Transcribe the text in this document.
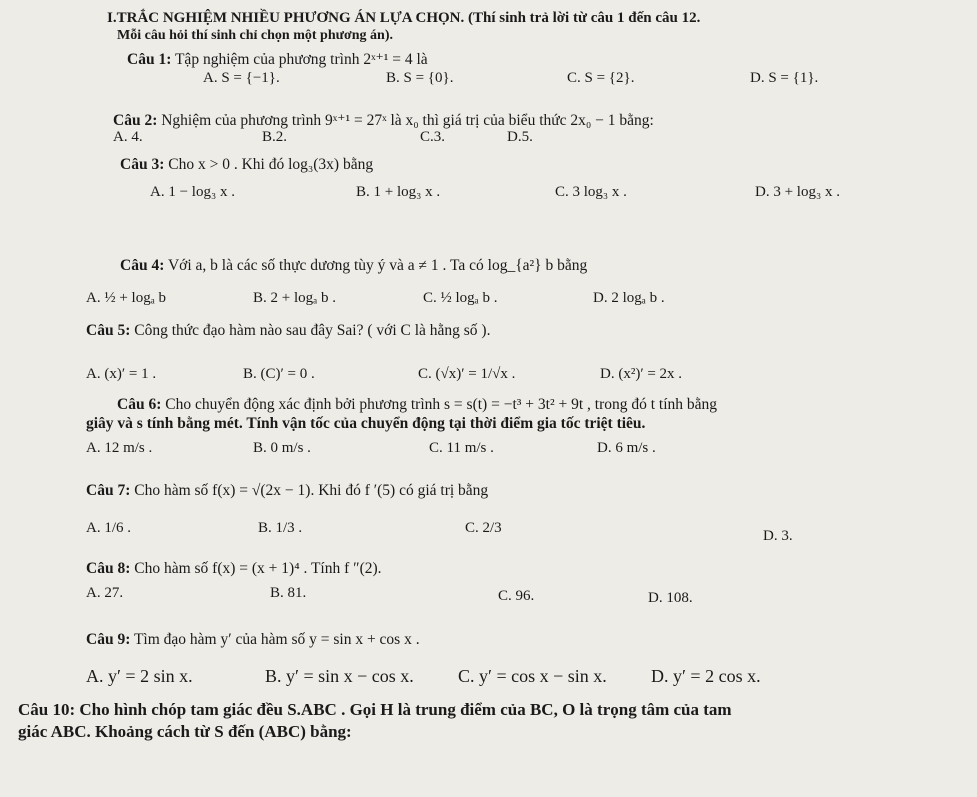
I.TRẮC NGHIỆM NHIỀU PHƯƠNG ÁN LỰA CHỌN. (Thí sinh trả lời từ câu 1 đến câu 12.
Mỗi câu hỏi thí sinh chỉ chọn một phương án).
Câu 1: Tập nghiệm của phương trình 2ˣ⁺¹ = 4 là
A. S = {−1}.	B. S = {0}.	C. S = {2}.	D. S = {1}.
Câu 2: Nghiệm của phương trình 9ˣ⁺¹ = 27ˣ là x₀ thì giá trị của biểu thức 2x₀ − 1 bằng:
A. 4.	B.2.	C.3.	D.5.
Câu 3: Cho x > 0 . Khi đó log₃(3x) bằng
A. 1 − log₃ x .	B. 1 + log₃ x .	C. 3 log₃ x .	D. 3 + log₃ x .
Câu 4: Với a, b là các số thực dương tùy ý và a ≠ 1 . Ta có log_{a²} b bằng
A. ½ + logₐ b	B. 2 + logₐ b .	C. ½ logₐ b .	D. 2 logₐ b .
Câu 5: Công thức đạo hàm nào sau đây Sai? ( với C là hằng số ).
A. (x)′ = 1 .	B. (C)′ = 0 .	C. (√x)′ = 1/√x .	D. (x²)′ = 2x .
Câu 6: Cho chuyển động xác định bởi phương trình s = s(t) = −t³ + 3t² + 9t , trong đó t tính bằng
giây và s tính bằng mét. Tính vận tốc của chuyển động tại thời điểm gia tốc triệt tiêu.
A. 12 m/s .	B. 0 m/s .	C. 11 m/s .	D. 6 m/s .
Câu 7: Cho hàm số f(x) = √(2x − 1). Khi đó f ′(5) có giá trị bằng
A. 1/6 .	B. 1/3 .	C. 2/3	D. 3.
Câu 8: Cho hàm số f(x) = (x + 1)⁴ . Tính f ″(2).
A. 27.	B. 81.	C. 96.	D. 108.
Câu 9: Tìm đạo hàm y′ của hàm số y = sin x + cos x .
A. y′ = 2 sin x.	B. y′ = sin x − cos x. C. y′ = cos x − sin x. D. y′ = 2 cos x.
Câu 10: Cho hình chóp tam giác đều S.ABC . Gọi H là trung điểm của BC, O là trọng tâm của tam
giác ABC. Khoảng cách từ S đến (ABC) bằng:
